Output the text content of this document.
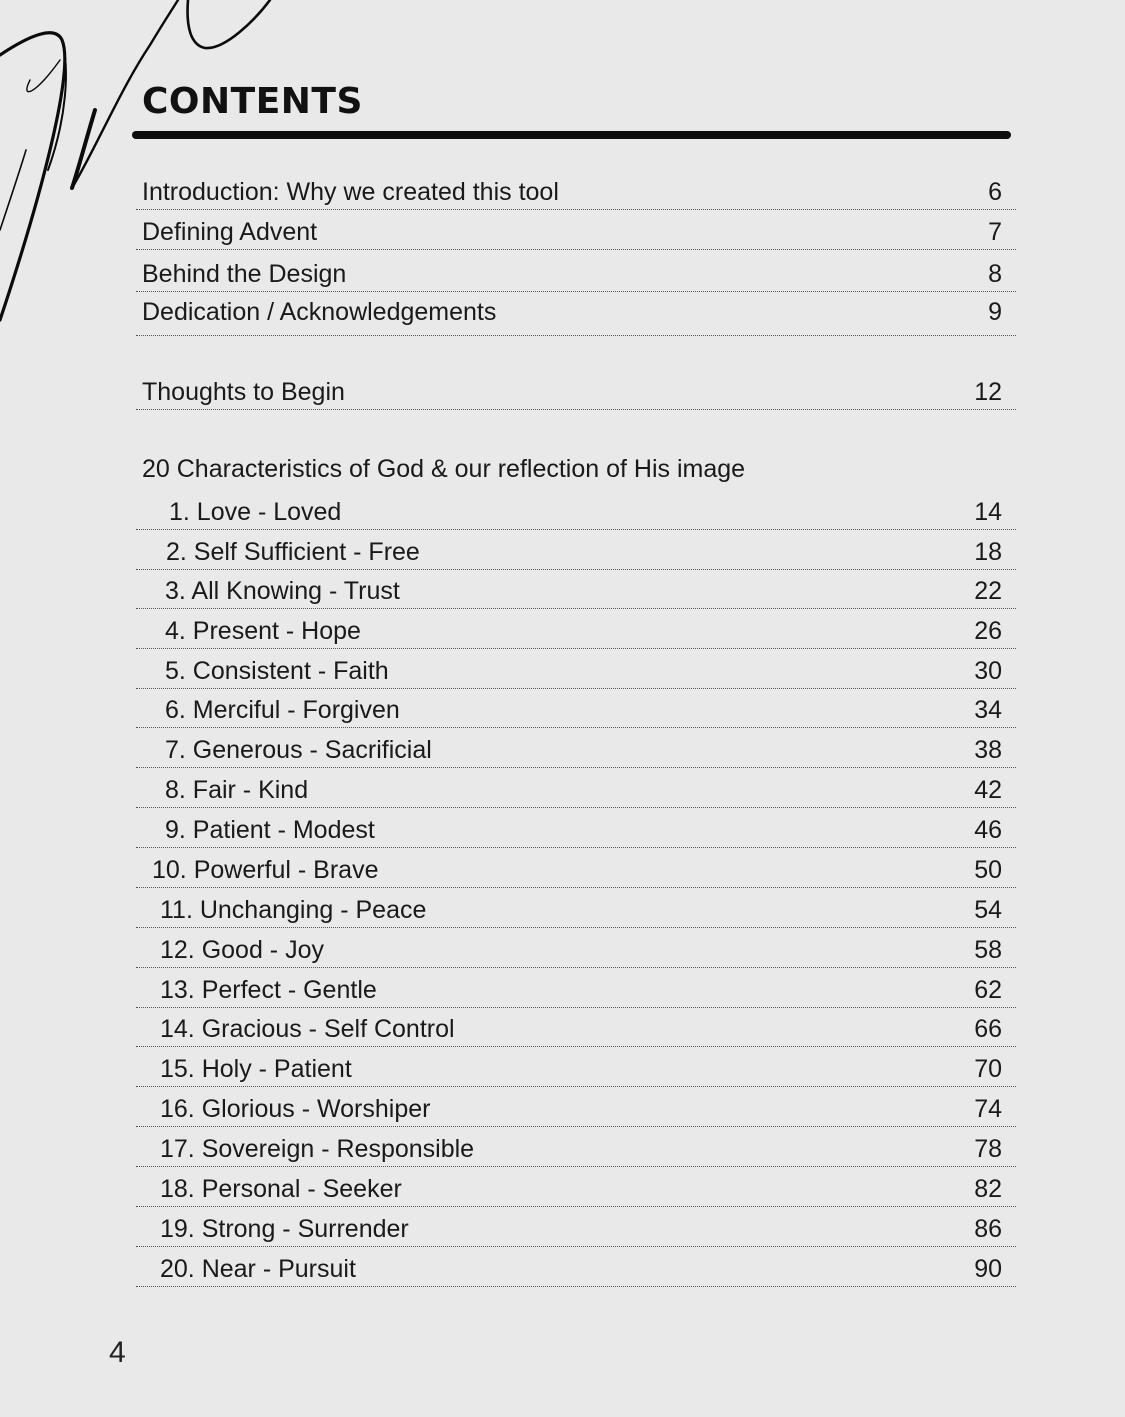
CONTENTS
Introduction: Why we created this tool	6
Defining Advent	7
Behind the Design	8
Dedication / Acknowledgements	9
Thoughts to Begin	12
20 Characteristics of God & our reflection of His image
1. Love - Loved	14
2. Self Sufficient - Free	18
3. All Knowing - Trust	22
4. Present - Hope	26
5. Consistent - Faith	30
6. Merciful - Forgiven	34
7. Generous - Sacrificial	38
8. Fair - Kind	42
9. Patient - Modest	46
10. Powerful - Brave	50
11. Unchanging - Peace	54
12. Good - Joy	58
13. Perfect - Gentle	62
14. Gracious - Self Control	66
15. Holy - Patient	70
16. Glorious - Worshiper	74
17. Sovereign - Responsible	78
18. Personal - Seeker	82
19. Strong - Surrender	86
20. Near - Pursuit	90
4
